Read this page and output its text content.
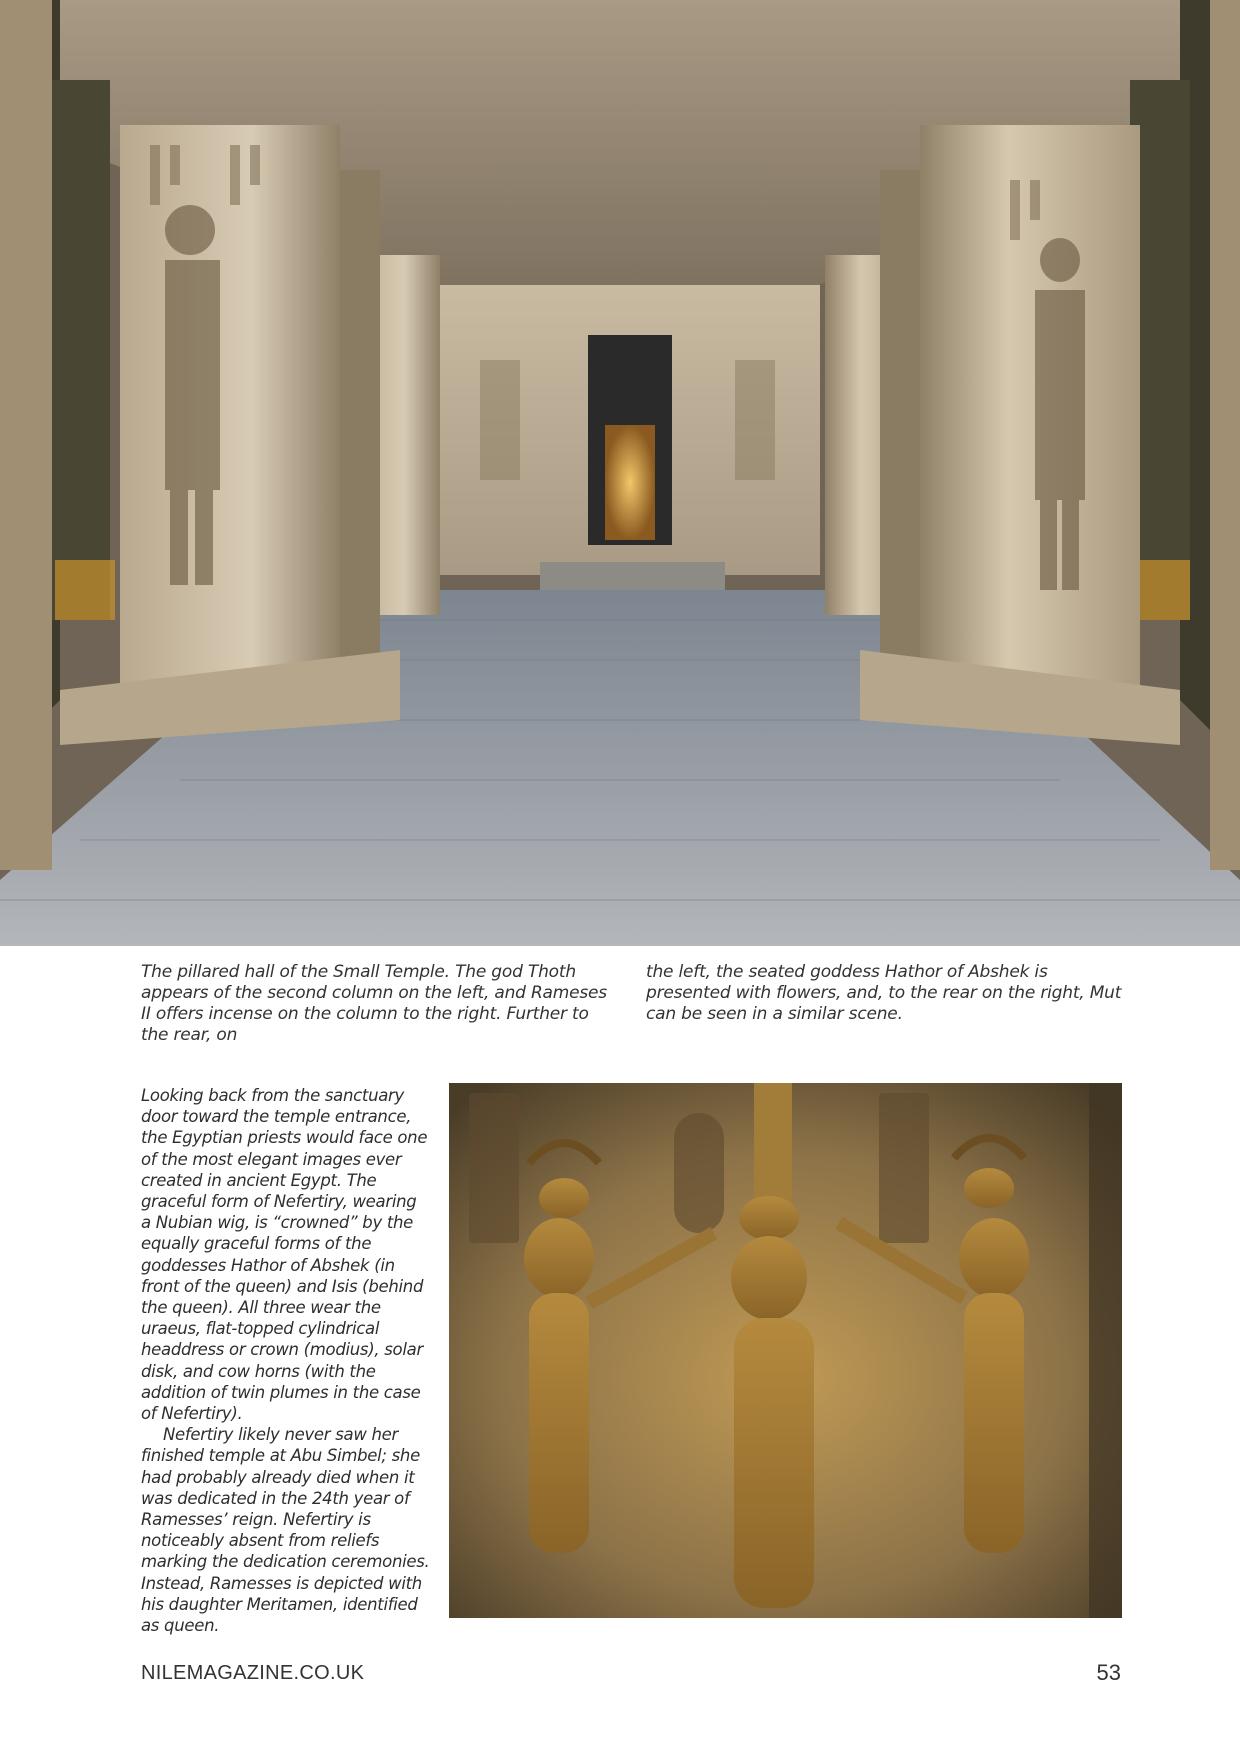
The pillared hall of the Small Temple. The god Thoth appears of the second column on the left, and Rameses II offers incense on the column to the right. Further to the rear, on
the left, the seated goddess Hathor of Abshek is presented with flowers, and, to the rear on the right, Mut can be seen in a similar scene.

Looking back from the sanctuary door toward the temple entrance, the Egyptian priests would face one of the most elegant images ever created in ancient Egypt. The graceful form of Nefertiry, wearing a Nubian wig, is “crowned” by the equally graceful forms of the goddesses Hathor of Abshek (in front of the queen) and Isis (behind the queen). All three wear the uraeus, flat-topped cylindrical headdress or crown (modius), solar disk, and cow horns (with the addition of twin plumes in the case of Nefertiry).

Nefertiry likely never saw her finished temple at Abu Simbel; she had probably already died when it was dedicated in the 24th year of Ramesses’ reign. Nefertiry is noticeably absent from reliefs marking the dedication ceremonies. Instead, Ramesses is depicted with his daughter Meritamen, identified as queen.

NILEMAGAZINE.CO.UK	53
